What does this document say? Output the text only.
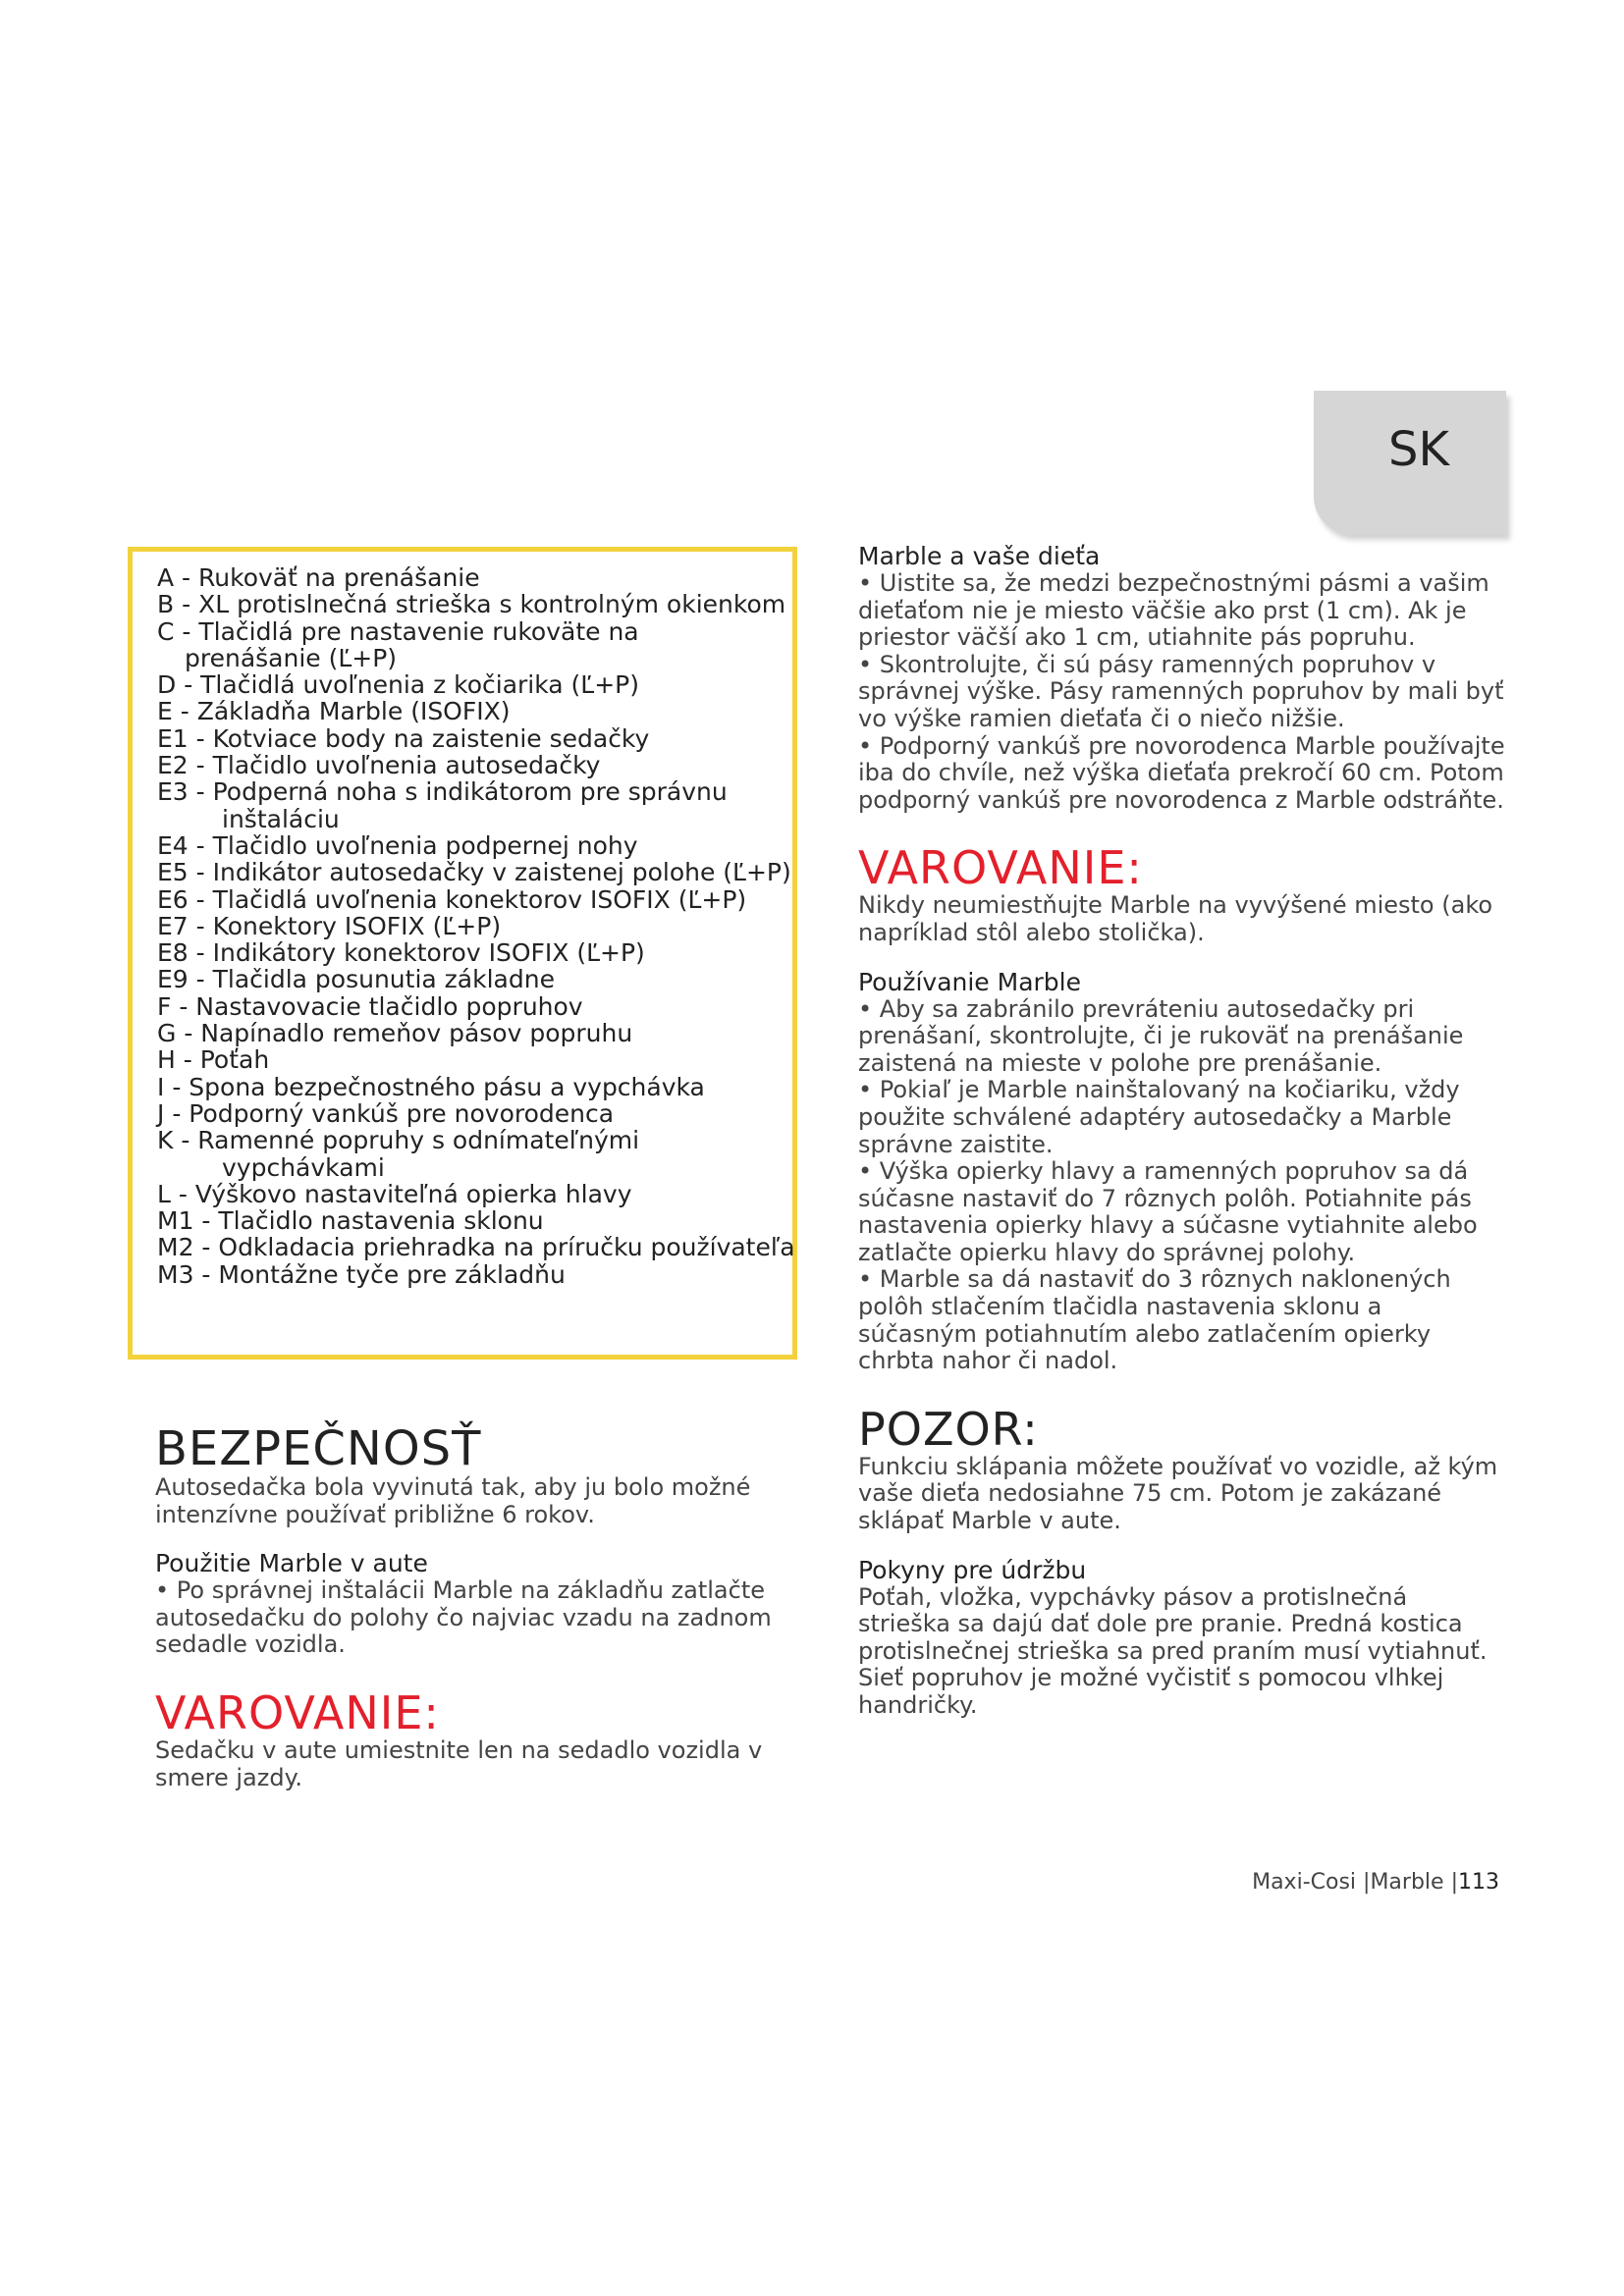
SK
A - Rukoväť na prenášanie
B - XL protislnečná strieška s kontrolným okienkom
C - Tlačidlá pre nastavenie rukoväte na
prenášanie (Ľ+P)
D - Tlačidlá uvoľnenia z kočiarika (Ľ+P)
E - Základňa Marble (ISOFIX)
E1 - Kotviace body na zaistenie sedačky
E2 - Tlačidlo uvoľnenia autosedačky
E3 - Podperná noha s indikátorom pre správnu
inštaláciu
E4 - Tlačidlo uvoľnenia podpernej nohy
E5 - Indikátor autosedačky v zaistenej polohe (Ľ+P)
E6 - Tlačidlá uvoľnenia konektorov ISOFIX (Ľ+P)
E7 - Konektory ISOFIX (Ľ+P)
E8 - Indikátory konektorov ISOFIX (Ľ+P)
E9 - Tlačidla posunutia základne
F - Nastavovacie tlačidlo popruhov
G - Napínadlo remeňov pásov popruhu
H - Poťah
I - Spona bezpečnostného pásu a vypchávka
J - Podporný vankúš pre novorodenca
K - Ramenné popruhy s odnímateľnými
vypchávkami
L - Výškovo nastaviteľná opierka hlavy
M1 - Tlačidlo nastavenia sklonu
M2 - Odkladacia priehradka na príručku používateľa
M3 - Montážne tyče pre základňu
BEZPEČNOSŤ

Autosedačka bola vyvinutá tak, aby ju bolo možné intenzívne používať približne 6 rokov.

Použitie Marble v aute

• Po správnej inštalácii Marble na základňu zatlačte autosedačku do polohy čo najviac vzadu na zadnom sedadle vozidla.

VAROVANIE:

Sedačku v aute umiestnite len na sedadlo vozidla v smere jazdy.

Marble a vaše dieťa

• Uistite sa, že medzi bezpečnostnými pásmi a vašim dieťaťom nie je miesto väčšie ako prst (1 cm). Ak je priestor väčší ako 1 cm, utiahnite pás popruhu.

• Skontrolujte, či sú pásy ramenných popruhov v správnej výške. Pásy ramenných popruhov by mali byť vo výške ramien dieťaťa či o niečo nižšie.

• Podporný vankúš pre novorodenca Marble používajte iba do chvíle, než výška dieťaťa prekročí 60 cm. Potom podporný vankúš pre novorodenca z Marble odstráňte.

VAROVANIE:

Nikdy neumiestňujte Marble na vyvýšené miesto (ako napríklad stôl alebo stolička).

Používanie Marble

• Aby sa zabránilo prevráteniu autosedačky pri prenášaní, skontrolujte, či je rukoväť na prenášanie zaistená na mieste v polohe pre prenášanie.

• Pokiaľ je Marble nainštalovaný na kočiariku, vždy použite schválené adaptéry autosedačky a Marble správne zaistite.

• Výška opierky hlavy a ramenných popruhov sa dá súčasne nastaviť do 7 rôznych polôh. Potiahnite pás nastavenia opierky hlavy a súčasne vytiahnite alebo zatlačte opierku hlavy do správnej polohy.

• Marble sa dá nastaviť do 3 rôznych naklonených polôh stlačením tlačidla nastavenia sklonu a súčasným potiahnutím alebo zatlačením opierky chrbta nahor či nadol.

POZOR:

Funkciu sklápania môžete používať vo vozidle, až kým vaše dieťa nedosiahne 75 cm. Potom je zakázané sklápať Marble v aute.

Pokyny pre údržbu

Poťah, vložka, vypchávky pásov a protislnečná strieška sa dajú dať dole pre pranie. Predná kostica protislnečnej strieška sa pred praním musí vytiahnuť. Sieť popruhov je možné vyčistiť s pomocou vlhkej handričky.

Maxi-Cosi |Marble |113
